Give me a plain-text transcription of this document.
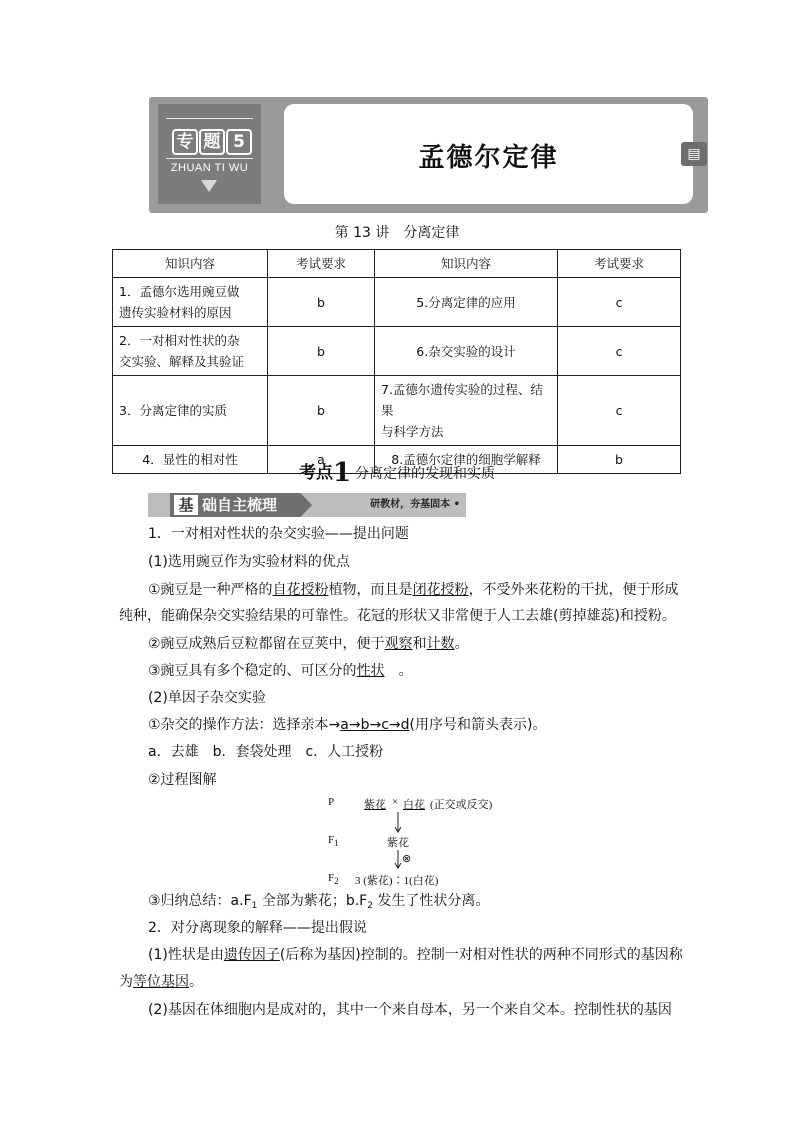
专 题 5
ZHUAN TI WU	孟德尔定律	▤
第 13 讲　分离定律
知识内容	考试要求	知识内容	考试要求
1．孟德尔选用豌豆做
遗传实验材料的原因	b	5.分离定律的应用	c
2．一对相对性状的杂
交实验、解释及其验证	b	6.杂交实验的设计	c
3．分离定律的实质	b	7.孟德尔遗传实验的过程、结果
与科学方法	c
4．显性的相对性	a	8.孟德尔定律的细胞学解释	b
考点1 分离定律的发现和实质
基 础自主梳理	研教材，夯基固本 •
1．一对相对性状的杂交实验——提出问题
(1)选用豌豆作为实验材料的优点
①豌豆是一种严格的自花授粉植物，而且是闭花授粉，不受外来花粉的干扰，便于形成
纯种，能确保杂交实验结果的可靠性。花冠的形状又非常便于人工去雄(剪掉雄蕊)和授粉。
②豌豆成熟后豆粒都留在豆荚中，便于观察和计数。
③豌豆具有多个稳定的、可区分的性状 。
(2)单因子杂交实验
①杂交的操作方法：选择亲本→a→b→c→d(用序号和箭头表示)。
a．去雄　b．套袋处理　c．人工授粉
②过程图解
P	紫花 × 白花 (正交或反交)
$F_1$	紫花
⊗
$F_2$ 3 (紫花)∶1(白花)
③归纳总结：$a.F_1$ 全部为紫花；$b.F_2$ 发生了性状分离。
2．对分离现象的解释——提出假说
(1)性状是由遗传因子(后称为基因)控制的。控制一对相对性状的两种不同形式的基因称
为等位基因。
(2)基因在体细胞内是成对的，其中一个来自母本，另一个来自父本。控制性状的基因
